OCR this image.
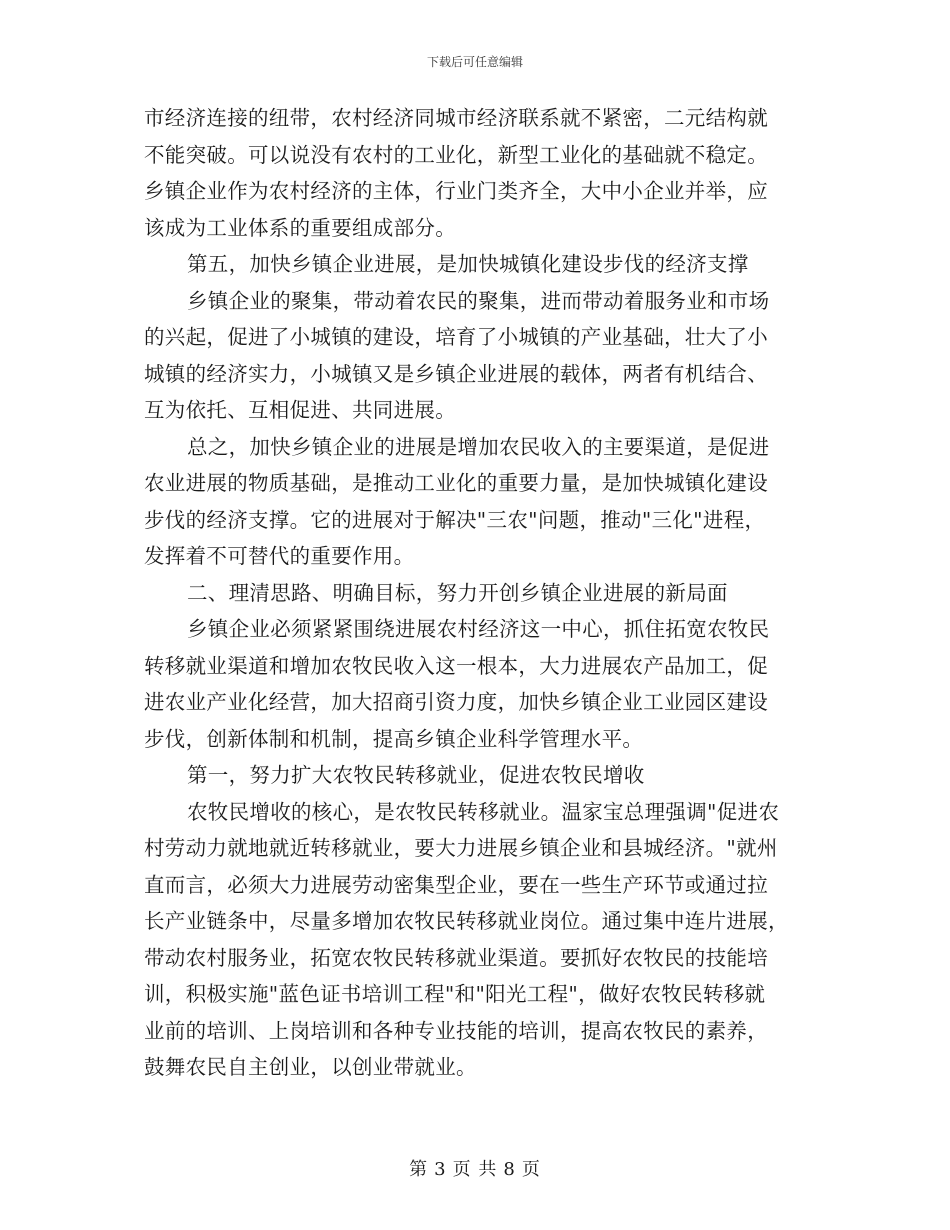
下载后可任意编辑
市经济连接的纽带，农村经济同城市经济联系就不紧密，二元结构就
不能突破。可以说没有农村的工业化，新型工业化的基础就不稳定。
乡镇企业作为农村经济的主体，行业门类齐全，大中小企业并举，应
该成为工业体系的重要组成部分。
第五，加快乡镇企业进展，是加快城镇化建设步伐的经济支撑
乡镇企业的聚集，带动着农民的聚集，进而带动着服务业和市场
的兴起，促进了小城镇的建设，培育了小城镇的产业基础，壮大了小
城镇的经济实力，小城镇又是乡镇企业进展的载体，两者有机结合、
互为依托、互相促进、共同进展。
总之，加快乡镇企业的进展是增加农民收入的主要渠道，是促进
农业进展的物质基础，是推动工业化的重要力量，是加快城镇化建设
步伐的经济支撑。它的进展对于解决"三农"问题，推动"三化"进程，
发挥着不可替代的重要作用。
二、理清思路、明确目标，努力开创乡镇企业进展的新局面
乡镇企业必须紧紧围绕进展农村经济这一中心，抓住拓宽农牧民
转移就业渠道和增加农牧民收入这一根本，大力进展农产品加工，促
进农业产业化经营，加大招商引资力度，加快乡镇企业工业园区建设
步伐，创新体制和机制，提高乡镇企业科学管理水平。
第一，努力扩大农牧民转移就业，促进农牧民增收
农牧民增收的核心，是农牧民转移就业。温家宝总理强调"促进农
村劳动力就地就近转移就业，要大力进展乡镇企业和县城经济。"就州
直而言，必须大力进展劳动密集型企业，要在一些生产环节或通过拉
长产业链条中，尽量多增加农牧民转移就业岗位。通过集中连片进展，
带动农村服务业，拓宽农牧民转移就业渠道。要抓好农牧民的技能培
训，积极实施"蓝色证书培训工程"和"阳光工程"，做好农牧民转移就
业前的培训、上岗培训和各种专业技能的培训，提高农牧民的素养，
鼓舞农民自主创业，以创业带就业。
第 3 页 共 8 页
